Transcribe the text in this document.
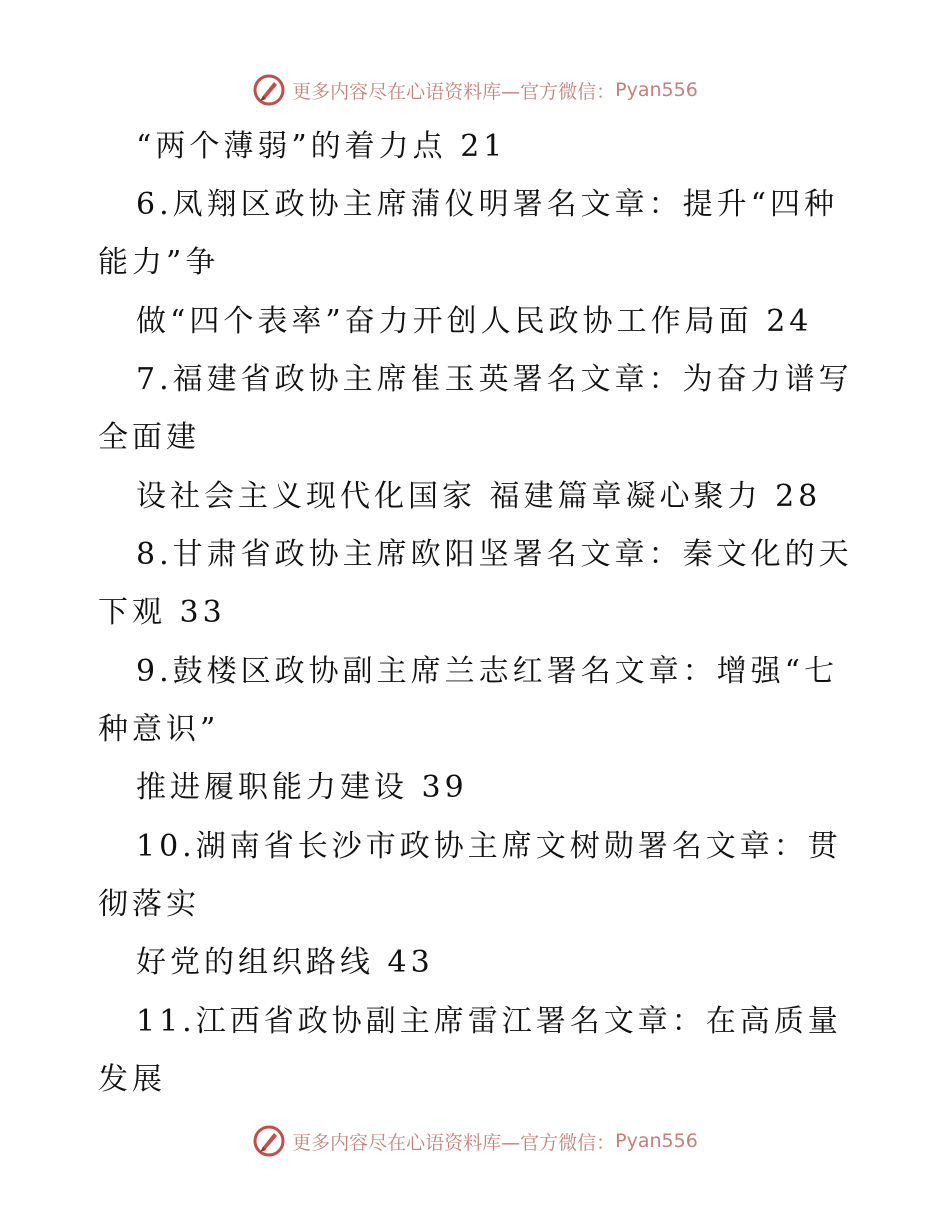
更多内容尽在心语资料库—官方微信： Pyan556
“两个薄弱”的着力点 21
6.凤翔区政协主席蒲仪明署名文章：提升“四种
能力”争
做“四个表率”奋力开创人民政协工作局面 24
7.福建省政协主席崔玉英署名文章：为奋力谱写
全面建
设社会主义现代化国家 福建篇章凝心聚力 28
8.甘肃省政协主席欧阳坚署名文章：秦文化的天
下观 33
9.鼓楼区政协副主席兰志红署名文章：增强“七
种意识”
推进履职能力建设 39
10.湖南省长沙市政协主席文树勋署名文章：贯
彻落实
好党的组织路线 43
11.江西省政协副主席雷江署名文章：在高质量
发展
更多内容尽在心语资料库—官方微信： Pyan556
